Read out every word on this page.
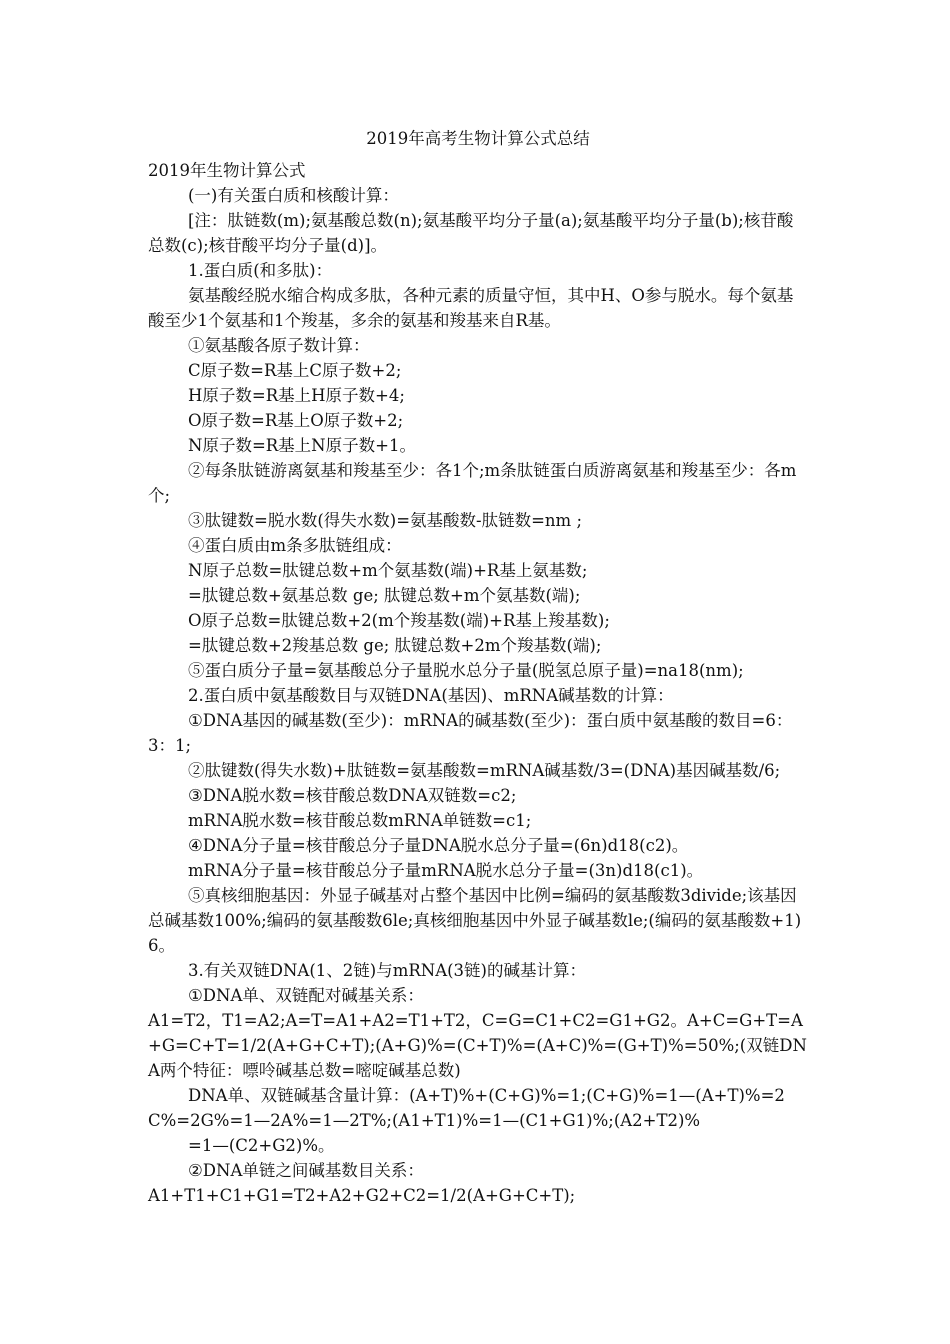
2019年高考生物计算公式总结

2019年生物计算公式

(一)有关蛋白质和核酸计算：

[注：肽链数(m);氨基酸总数(n);氨基酸平均分子量(a);氨基酸平均分子量(b);核苷酸总数(c);核苷酸平均分子量(d)]。

1.蛋白质(和多肽)：

氨基酸经脱水缩合构成多肽，各种元素的质量守恒，其中H、O参与脱水。每个氨基酸至少1个氨基和1个羧基，多余的氨基和羧基来自R基。

①氨基酸各原子数计算：

C原子数=R基上C原子数+2;

H原子数=R基上H原子数+4;

O原子数=R基上O原子数+2;

N原子数=R基上N原子数+1。

②每条肽链游离氨基和羧基至少：各1个;m条肽链蛋白质游离氨基和羧基至少：各m个;

③肽键数=脱水数(得失水数)=氨基酸数-肽链数=nm ;

④蛋白质由m条多肽链组成：

N原子总数=肽键总数+m个氨基数(端)+R基上氨基数;

=肽键总数+氨基总数 ge; 肽键总数+m个氨基数(端);

O原子总数=肽键总数+2(m个羧基数(端)+R基上羧基数);

=肽键总数+2羧基总数 ge; 肽键总数+2m个羧基数(端);

⑤蛋白质分子量=氨基酸总分子量脱水总分子量(脱氢总原子量)=na18(nm);

2.蛋白质中氨基酸数目与双链DNA(基因)、mRNA碱基数的计算：

①DNA基因的碱基数(至少)：mRNA的碱基数(至少)：蛋白质中氨基酸的数目=6：3：1;

②肽键数(得失水数)+肽链数=氨基酸数=mRNA碱基数/3=(DNA)基因碱基数/6;

③DNA脱水数=核苷酸总数DNA双链数=c2;

mRNA脱水数=核苷酸总数mRNA单链数=c1;

④DNA分子量=核苷酸总分子量DNA脱水总分子量=(6n)d18(c2)。

mRNA分子量=核苷酸总分子量mRNA脱水总分子量=(3n)d18(c1)。

⑤真核细胞基因：外显子碱基对占整个基因中比例=编码的氨基酸数3divide;该基因总碱基数100%;编码的氨基酸数6le;真核细胞基因中外显子碱基数le;(编码的氨基酸数+1)6。

3.有关双链DNA(1、2链)与mRNA(3链)的碱基计算：

①DNA单、双链配对碱基关系：

A1=T2，T1=A2;A=T=A1+A2=T1+T2，C=G=C1+C2=G1+G2。A+C=G+T=A+G=C+T=1/2(A+G+C+T);(A+G)%=(C+T)%=(A+C)%=(G+T)%=50%;(双链DNA两个特征：嘌呤碱基总数=嘧啶碱基总数)

DNA单、双链碱基含量计算：(A+T)%+(C+G)%=1;(C+G)%=1—(A+T)%=2C%=2G%=1—2A%=1—2T%;(A1+T1)%=1—(C1+G1)%;(A2+T2)%

=1—(C2+G2)%。

②DNA单链之间碱基数目关系：

A1+T1+C1+G1=T2+A2+G2+C2=1/2(A+G+C+T);
